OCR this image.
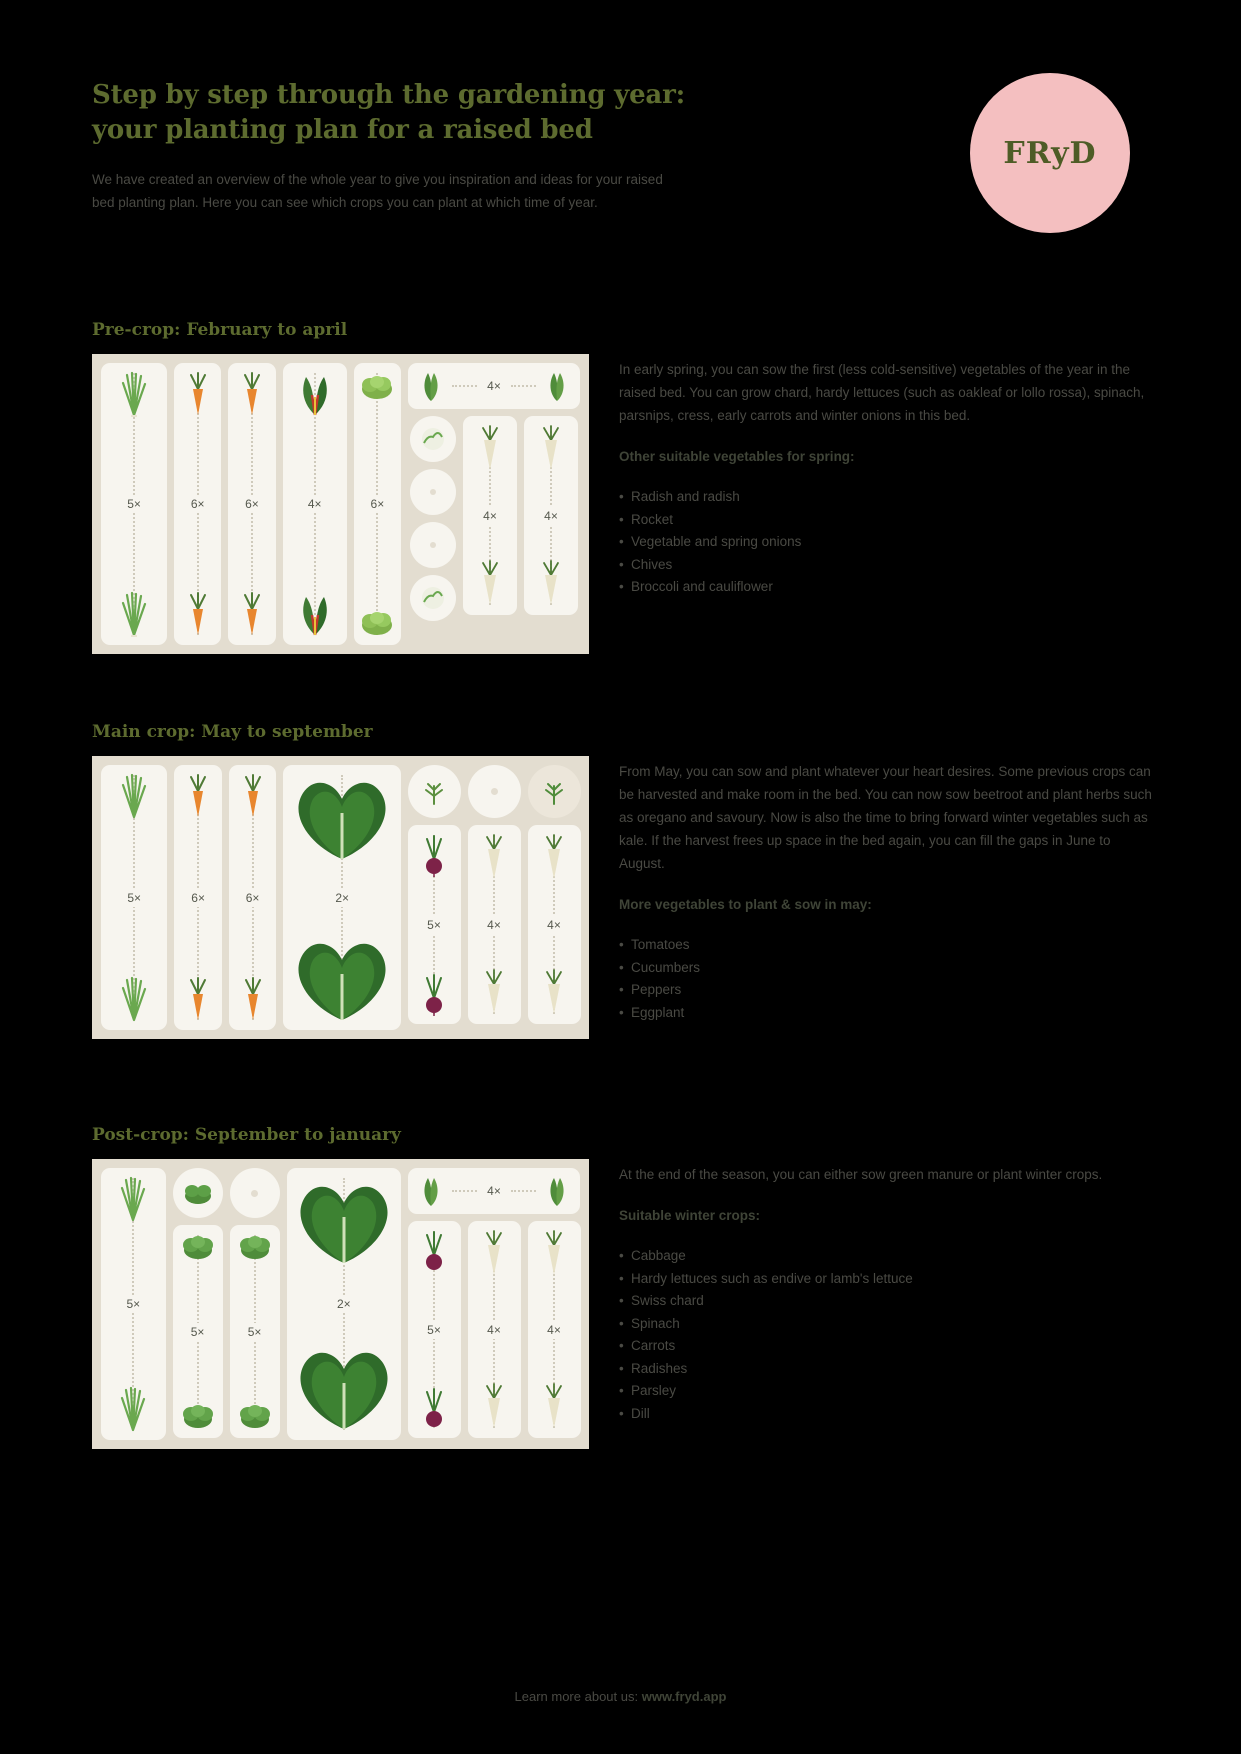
Step by step through the gardening year:
your planting plan for a raised bed
We have created an overview of the whole year to give you inspiration and ideas for your raised bed planting plan. Here you can see which crops you can plant at which time of year.
FRyD
Pre-crop: February to april
5×	6×	6×	4×	6×
4×
4×	4×

In early spring, you can sow the first (less cold-sensitive) vegetables of the year in the raised bed. You can grow chard, hardy lettuces (such as oakleaf or lollo rossa), spinach, parsnips, cress, early carrots and winter onions in this bed.

Other suitable vegetables for spring:

• Radish and radish
• Rocket
• Vegetable and spring onions
• Chives
• Broccoli and cauliflower
Main crop: May to september
5×	6×	6×	2×
5×	4×	4×

From May, you can sow and plant whatever your heart desires. Some previous crops can be harvested and make room in the bed. You can now sow beetroot and plant herbs such as oregano and savoury. Now is also the time to bring forward winter vegetables such as kale. If the harvest frees up space in the bed again, you can fill the gaps in June to August.

More vegetables to plant & sow in may:

• Tomatoes
• Cucumbers
• Peppers
• Eggplant
Post-crop: September to january
5×
5×	5×
2×
4×
5×	4×	4×

At the end of the season, you can either sow green manure or plant winter crops.

Suitable winter crops:

• Cabbage
• Hardy lettuces such as endive or lamb's lettuce
• Swiss chard
• Spinach
• Carrots
• Radishes
• Parsley
• Dill
Learn more about us: www.fryd.app
